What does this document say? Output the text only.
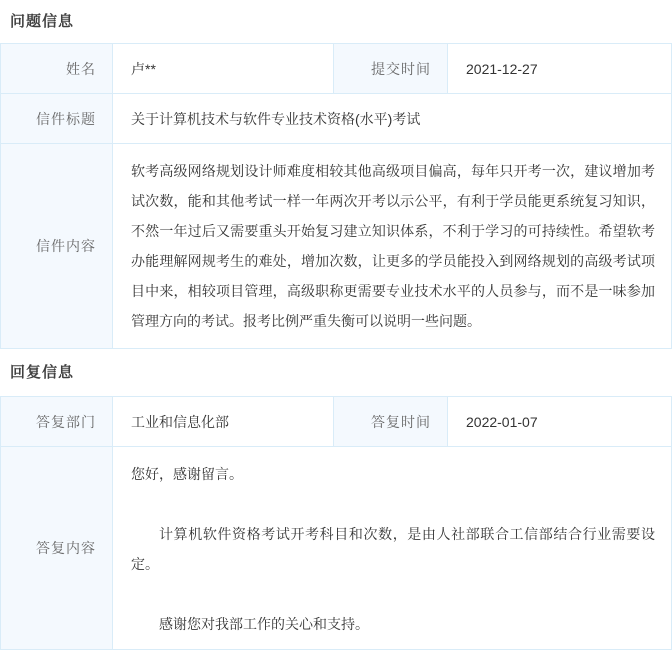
问题信息
姓名	卢**	提交时间	2021-12-27
信件标题	关于计算机技术与软件专业技术资格(水平)考试		
信件内容	软考高级网络规划设计师难度相较其他高级项目偏高，每年只开考一次，建议增加考试次数，能和其他考试一样一年两次开考以示公平，有利于学员能更系统复习知识，不然一年过后又需要重头开始复习建立知识体系，不利于学习的可持续性。希望软考办能理解网规考生的难处，增加次数，让更多的学员能投入到网络规划的高级考试项目中来，相较项目管理，高级职称更需要专业技术水平的人员参与，而不是一味参加管理方向的考试。报考比例严重失衡可以说明一些问题。		
回复信息
答复部门	工业和信息化部	答复时间	2022-01-07
答复内容	您好，感谢留言。

计算机软件资格考试开考科目和次数，是由人社部联合工信部结合行业需要设定。

感谢您对我部工作的关心和支持。		
